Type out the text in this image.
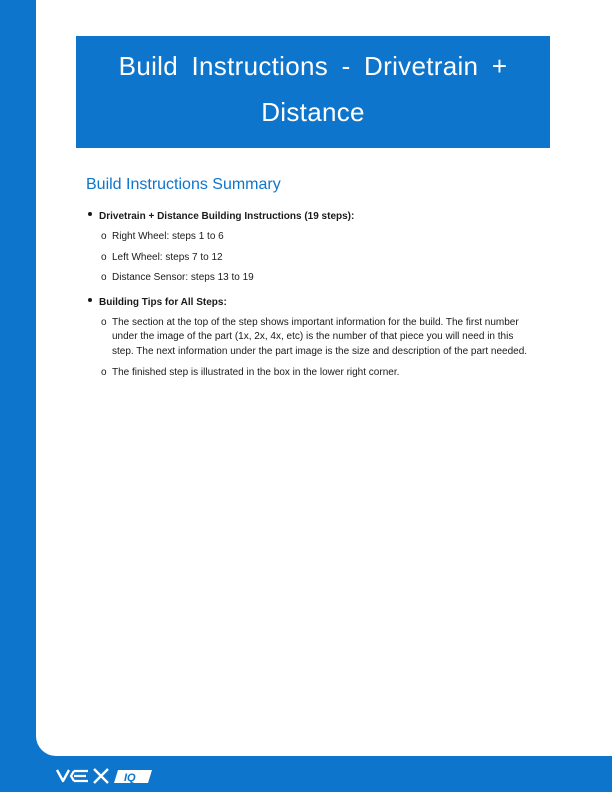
Build Instructions - Drivetrain +
Distance
Build Instructions Summary
Drivetrain + Distance Building Instructions (19 steps):
o Right Wheel: steps 1 to 6
o Left Wheel: steps 7 to 12
o Distance Sensor: steps 13 to 19
Building Tips for All Steps:
o The section at the top of the step shows important information for the build. The first number under the image of the part (1x, 2x, 4x, etc) is the number of that piece you will need in this step. The next information under the part image is the size and description of the part needed.
o The finished step is illustrated in the box in the lower right corner.
IQ
